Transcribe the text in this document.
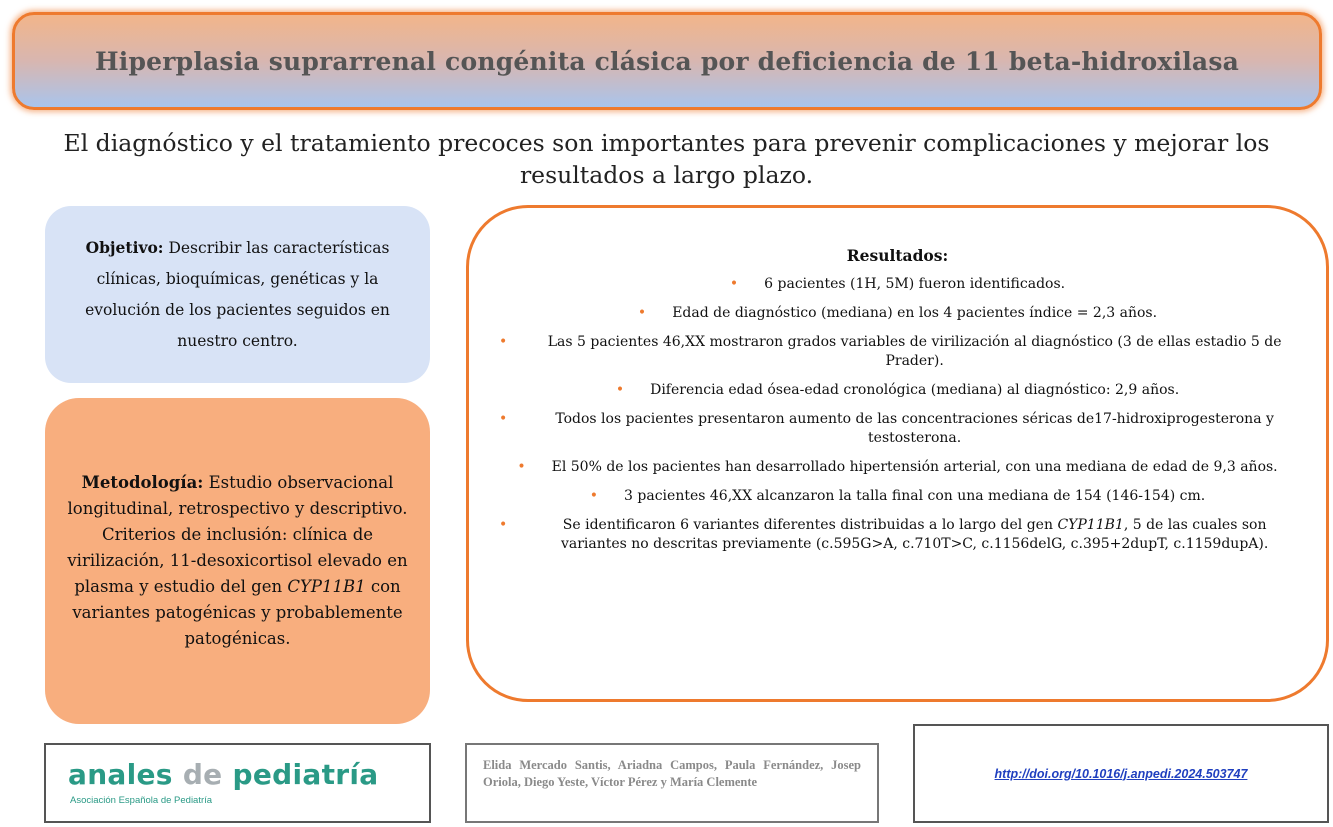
Hiperplasia suprarrenal congénita clásica por deficiencia de 11 beta-hidroxilasa
El diagnóstico y el tratamiento precoces son importantes para prevenir complicaciones y mejorar los resultados a largo plazo.
Objetivo: Describir las características clínicas, bioquímicas, genéticas y la evolución de los pacientes seguidos en nuestro centro.
Metodología: Estudio observacional longitudinal, retrospectivo y descriptivo. Criterios de inclusión: clínica de virilización, 11-desoxicortisol elevado en plasma y estudio del gen CYP11B1 con variantes patogénicas y probablemente patogénicas.
Resultados:
• 6 pacientes (1H, 5M) fueron identificados.
• Edad de diagnóstico (mediana) en los 4 pacientes índice = 2,3 años.
•	Las 5 pacientes 46,XX mostraron grados variables de virilización al diagnóstico (3 de ellas estadio 5 de Prader).
• Diferencia edad ósea-edad cronológica (mediana) al diagnóstico: 2,9 años.
•	Todos los pacientes presentaron aumento de las concentraciones séricas de17-hidroxiprogesterona y testosterona.
• El 50% de los pacientes han desarrollado hipertensión arterial, con una mediana de edad de 9,3 años.
• 3 pacientes 46,XX alcanzaron la talla final con una mediana de 154 (146-154) cm.
•	Se identificaron 6 variantes diferentes distribuidas a lo largo del gen CYP11B1, 5 de las cuales son variantes no descritas previamente (c.595G>A, c.710T>C, c.1156delG, c.395+2dupT, c.1159dupA).
anales de pediatría
Asociación Española de Pediatría
Elida Mercado Santis, Ariadna Campos, Paula Fernández, Josep Oriola, Diego Yeste, Víctor Pérez y María Clemente
http://doi.org/10.1016/j.anpedi.2024.503747
